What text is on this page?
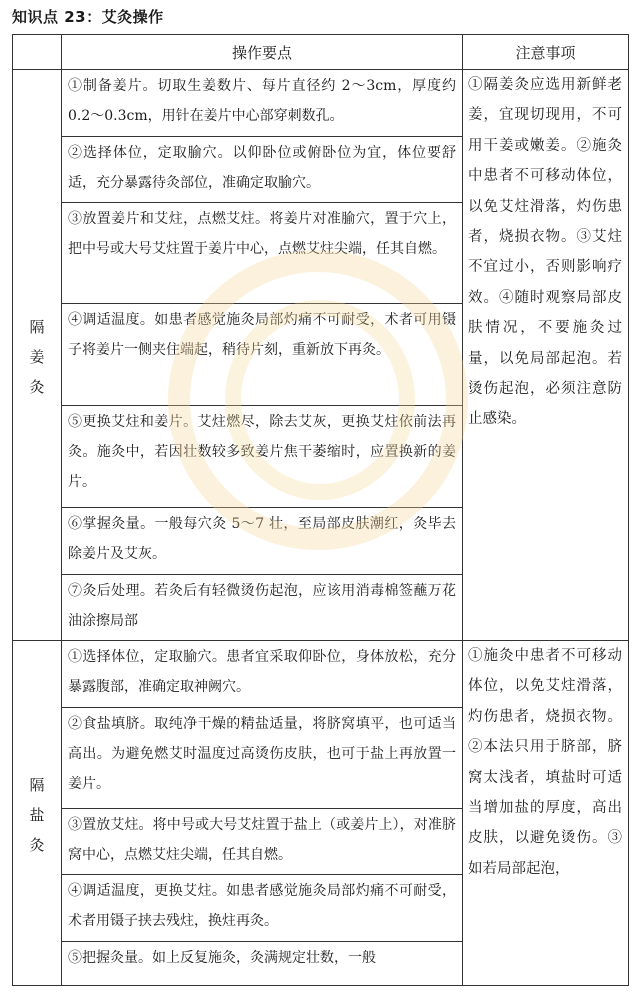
知识点 23：艾灸操作
	操作要点	注意事项
隔
姜
灸	①制备姜片。切取生姜数片、每片直径约 2～3cm，厚度约 0.2～0.3cm，用针在姜片中心部穿刺数孔。	①隔姜灸应选用新鲜老姜，宜现切现用，不可用干姜或嫩姜。②施灸中患者不可移动体位，以免艾炷滑落，灼伤患者，烧损衣物。③艾炷不宜过小，否则影响疗效。④随时观察局部皮肤情况，不要施灸过量，以免局部起泡。若烫伤起泡，必须注意防止感染。
	②选择体位，定取腧穴。以仰卧位或俯卧位为宜，体位要舒适，充分暴露待灸部位，准确定取腧穴。	
	③放置姜片和艾炷，点燃艾炷。将姜片对准腧穴，置于穴上，把中号或大号艾炷置于姜片中心，点燃艾炷尖端，任其自燃。	
	④调适温度。如患者感觉施灸局部灼痛不可耐受，术者可用镊子将姜片一侧夹住端起，稍待片刻，重新放下再灸。	
	⑤更换艾炷和姜片。艾炷燃尽，除去艾灰，更换艾炷依前法再灸。施灸中，若因壮数较多致姜片焦干萎缩时，应置换新的姜片。	
	⑥掌握灸量。一般每穴灸 5～7 壮，至局部皮肤潮红，灸毕去除姜片及艾灰。	
	⑦灸后处理。若灸后有轻微烫伤起泡，应该用消毒棉签蘸万花油涂擦局部	
隔
盐
灸	①选择体位，定取腧穴。患者宜采取仰卧位，身体放松，充分暴露腹部，准确定取神阙穴。	①施灸中患者不可移动体位，以免艾炷滑落，灼伤患者，烧损衣物。②本法只用于脐部，脐窝太浅者，填盐时可适当增加盐的厚度，高出皮肤，以避免烫伤。③如若局部起泡，
	②食盐填脐。取纯净干燥的精盐适量，将脐窝填平，也可适当高出。为避免燃艾时温度过高烫伤皮肤，也可于盐上再放置一姜片。	
	③置放艾炷。将中号或大号艾炷置于盐上（或姜片上），对准脐窝中心，点燃艾炷尖端，任其自燃。	
	④调适温度，更换艾炷。如患者感觉施灸局部灼痛不可耐受，术者用镊子挟去残炷，换炷再灸。	
	⑤把握灸量。如上反复施灸，灸满规定壮数，一般	
